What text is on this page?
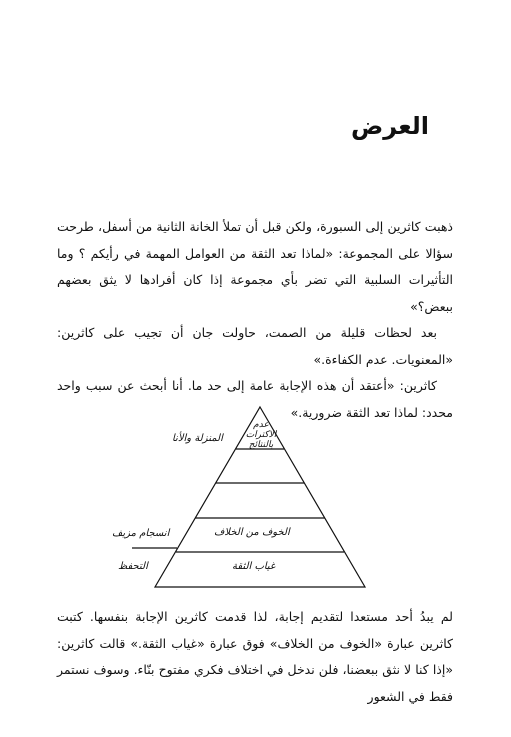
العرض

ذهبت كاثرين إلى السبورة، ولكن قبل أن تملأ الخانة الثانية من أسفل، طرحت سؤالا على المجموعة: «لماذا تعد الثقة من العوامل المهمة في رأيكم ؟ وما التأثيرات السلبية التي تضر بأي مجموعة إذا كان أفرادها لا يثق بعضهم ببعض؟»

بعد لحظات قليلة من الصمت، حاولت جان أن تجيب على كاثرين: «المعنويات. عدم الكفاءة.»

كاثرين: «أعتقد أن هذه الإجابة عامة إلى حد ما. أنا أبحث عن سبب واحد محدد: لماذا تعد الثقة ضرورية.»

عدم الاكترات بالنتائج
الخوف من الخلاف
غياب الثقة
المنزلة والأنا
انسجام مزيف
التحفظ

لم يبدُ أحد مستعدا لتقديم إجابة، لذا قدمت كاثرين الإجابة بنفسها. كتبت كاثرين عبارة «الخوف من الخلاف» فوق عبارة «غياب الثقة.» قالت كاثرين: «إذا كنا لا نثق ببعضنا، فلن ندخل في اختلاف فكري مفتوح بنّاء. وسوف نستمر فقط في الشعور
